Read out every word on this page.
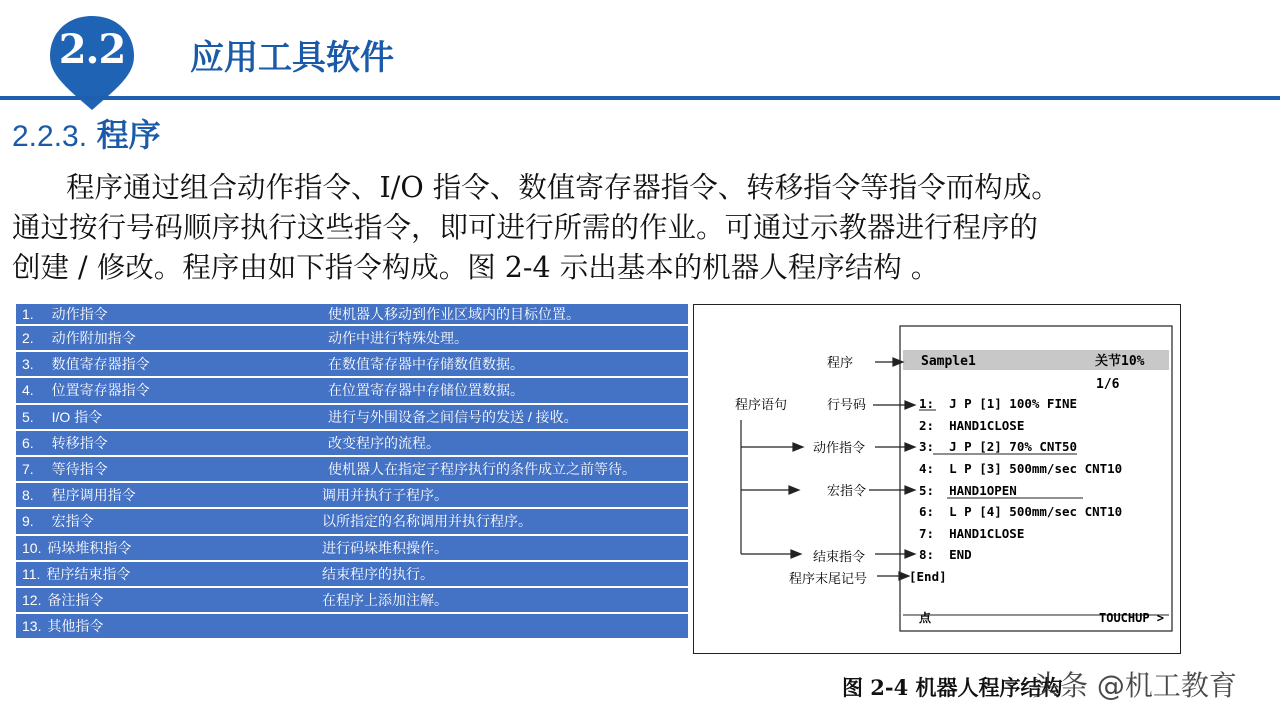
2.2	应用工具软件
2.2.3. 程序

程序通过组合动作指令、I/O 指令、数值寄存器指令、转移指令等指令而构成。

通过按行号码顺序执行这些指令，即可进行所需的作业。可通过示教器进行程序的

创建 / 修改。程序由如下指令构成。图 2-4 示出基本的机器人程序结构 。

1. 动作指令	使机器人移动到作业区域内的目标位置。
2. 动作附加指令	动作中进行特殊处理。
3. 数值寄存器指令	在数值寄存器中存储数值数据。
4. 位置寄存器指令	在位置寄存器中存储位置数据。
5. I/O 指令	进行与外围设备之间信号的发送 / 接收。
6. 转移指令	改变程序的流程。
7. 等待指令	使机器人在指定子程序执行的条件成立之前等待。
8. 程序调用指令	调用并执行子程序。
9. 宏指令	以所指定的名称调用并执行程序。
10. 码垛堆积指令	进行码垛堆积操作。
11. 程序结束指令	结束程序的执行。
12. 备注指令	在程序上添加注解。
13. 其他指令
Sample1	关节10%
1/6
1:  J P [1] 100% FINE
2:  HAND1CLOSE
3:  J P [2] 70% CNT50
4:  L P [3] 500mm/sec CNT10
5:  HAND1OPEN
6:  L P [4] 500mm/sec CNT10
7:  HAND1CLOSE
8:  END
[End]
点	TOUCHUP >
程序
程序语句	行号码
动作指令
宏指令
结束指令
程序末尾记号
图 2-4 机器人程序结构
头条 @机工教育
